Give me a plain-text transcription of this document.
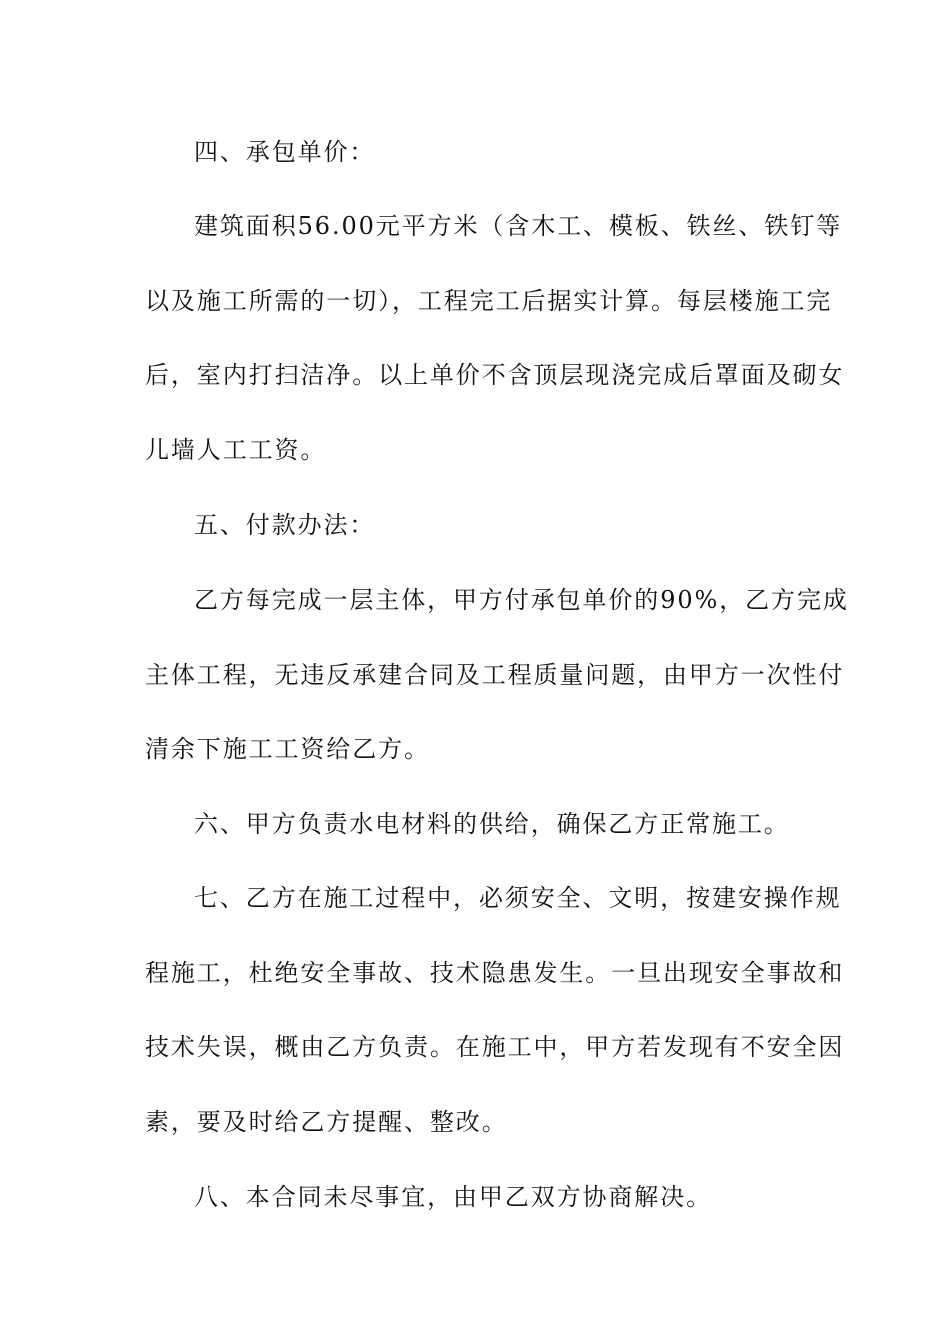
四、承包单价：
建筑面积56.00元平方米（含木工、模板、铁丝、铁钉等
以及施工所需的一切），工程完工后据实计算。每层楼施工完
后，室内打扫洁净。以上单价不含顶层现浇完成后罩面及砌女
儿墙人工工资。
五、付款办法：
乙方每完成一层主体，甲方付承包单价的90%，乙方完成
主体工程，无违反承建合同及工程质量问题，由甲方一次性付
清余下施工工资给乙方。
六、甲方负责水电材料的供给，确保乙方正常施工。
七、乙方在施工过程中，必须安全、文明，按建安操作规
程施工，杜绝安全事故、技术隐患发生。一旦出现安全事故和
技术失误，概由乙方负责。在施工中，甲方若发现有不安全因
素，要及时给乙方提醒、整改。
八、本合同未尽事宜，由甲乙双方协商解决。
